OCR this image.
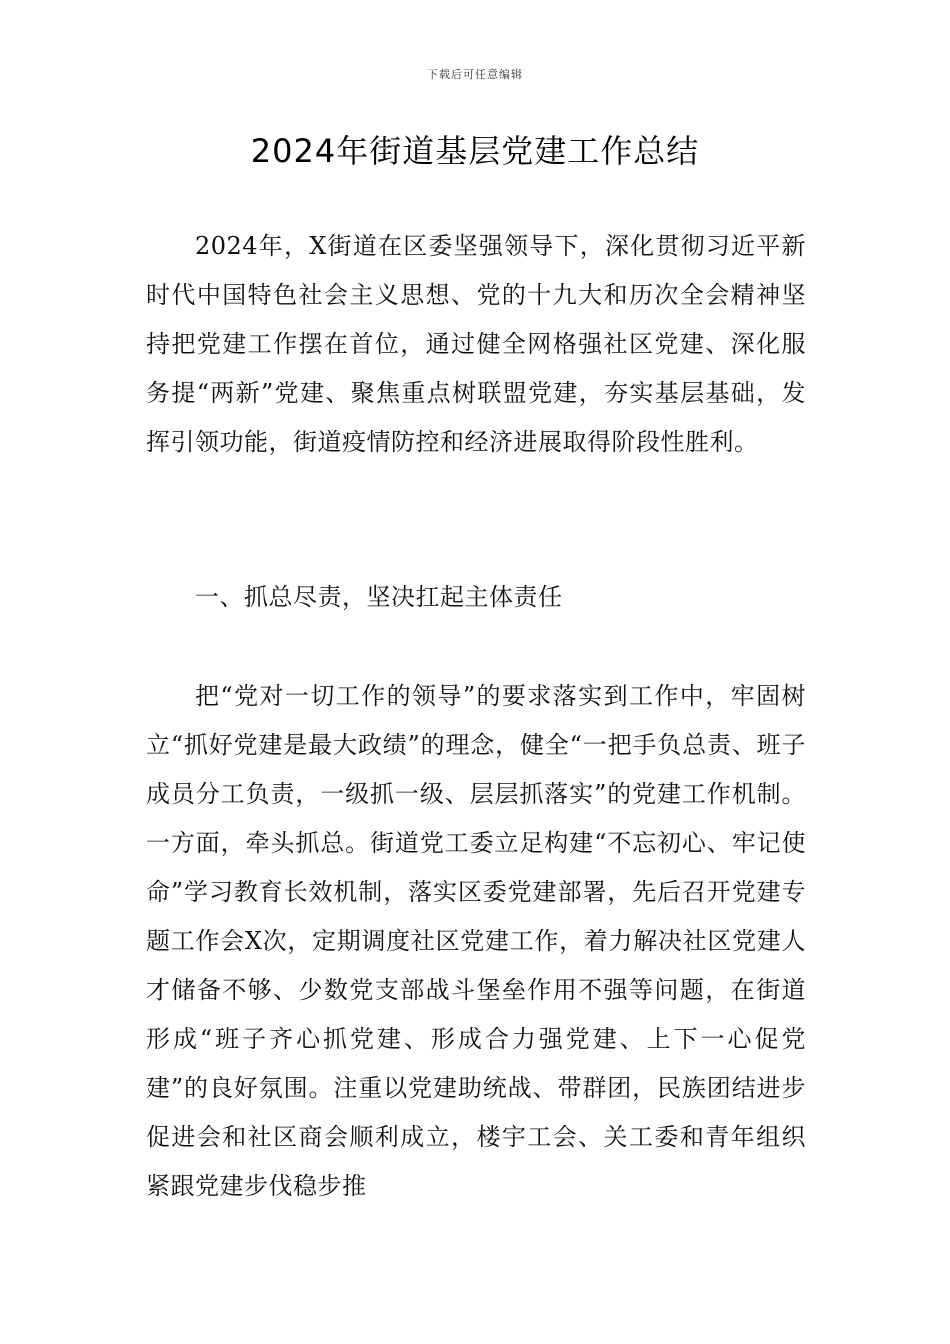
下载后可任意编辑
2024年街道基层党建工作总结

2024年，X街道在区委坚强领导下，深化贯彻习近平新时代中国特色社会主义思想、党的十九大和历次全会精神坚持把党建工作摆在首位，通过健全网格强社区党建、深化服务提“两新”党建、聚焦重点树联盟党建，夯实基层基础，发挥引领功能，街道疫情防控和经济进展取得阶段性胜利。

一、抓总尽责，坚决扛起主体责任

把“党对一切工作的领导”的要求落实到工作中，牢固树立“抓好党建是最大政绩”的理念，健全“一把手负总责、班子成员分工负责，一级抓一级、层层抓落实”的党建工作机制。一方面，牵头抓总。街道党工委立足构建“不忘初心、牢记使命”学习教育长效机制，落实区委党建部署，先后召开党建专题工作会X次，定期调度社区党建工作，着力解决社区党建人才储备不够、少数党支部战斗堡垒作用不强等问题，在街道形成“班子齐心抓党建、形成合力强党建、上下一心促党建”的良好氛围。注重以党建助统战、带群团，民族团结进步促进会和社区商会顺利成立，楼宇工会、关工委和青年组织紧跟党建步伐稳步推
